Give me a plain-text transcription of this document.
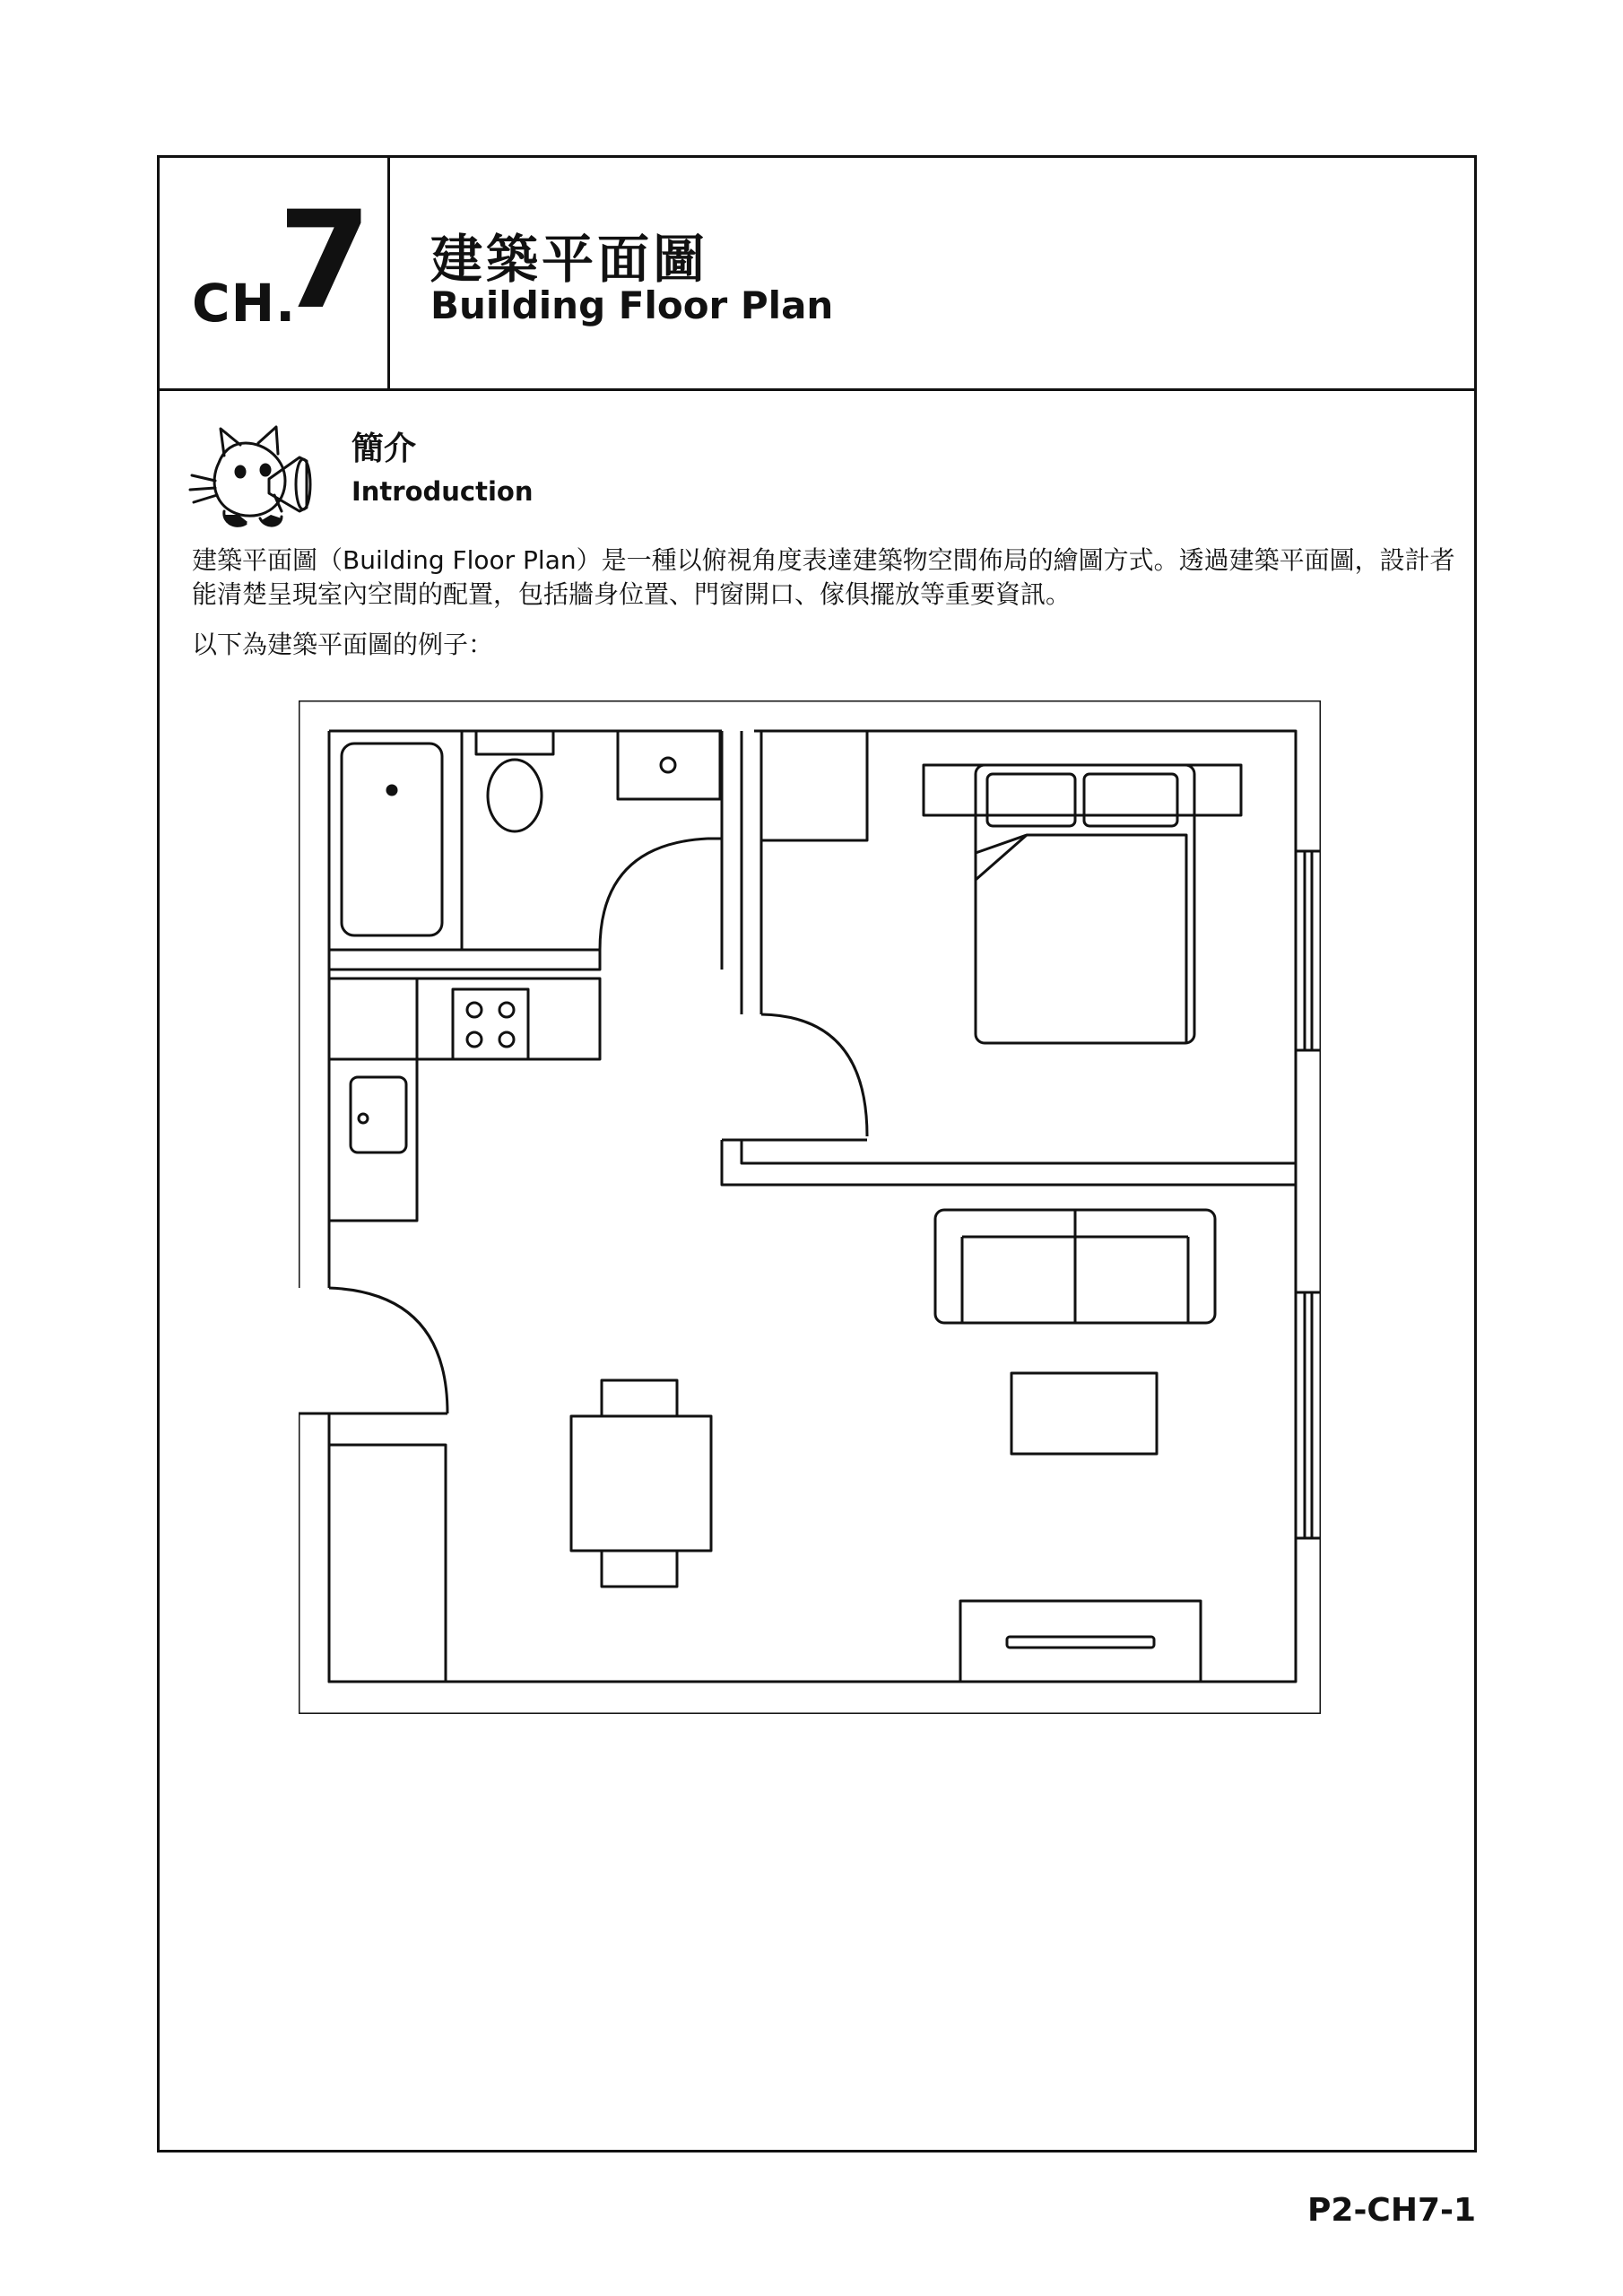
CH.
7 建築平面圖
Building Floor Plan
簡介
Introduction

建築平面圖（Building Floor Plan）是一種以俯視角度表達建築物空間佈局的繪圖方式。透過建築平面圖，設計者能清楚呈現室內空間的配置，包括牆身位置、門窗開口、傢俱擺放等重要資訊。

以下為建築平面圖的例子：

P2-CH7-1
